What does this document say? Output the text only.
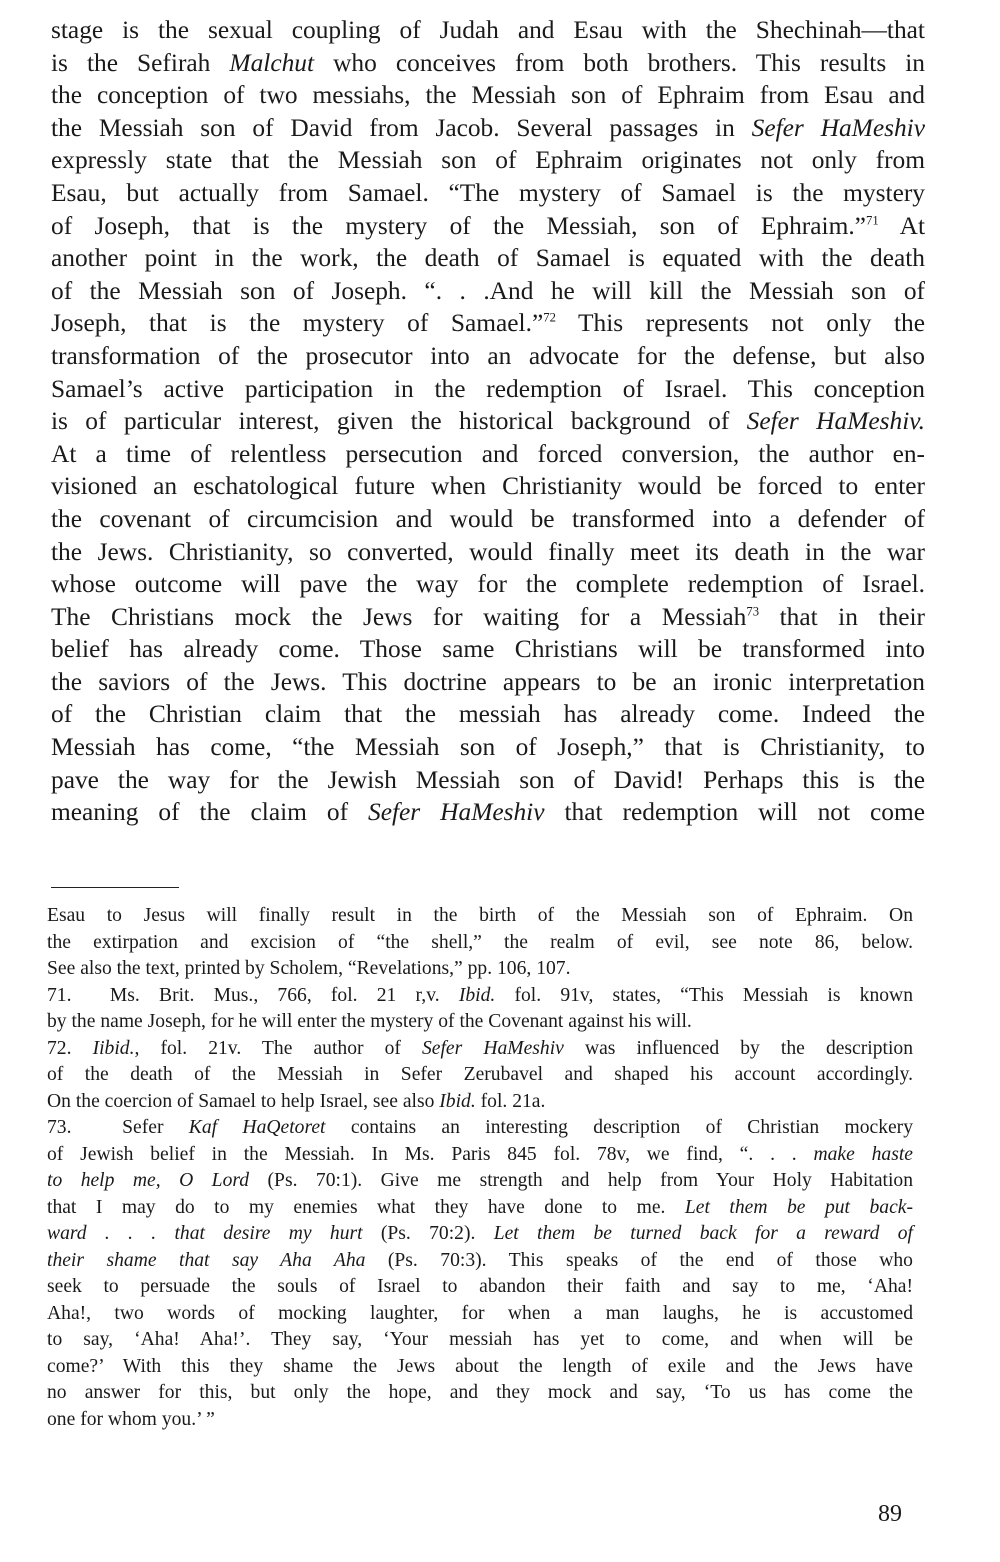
stage is the sexual coupling of Judah and Esau with the Shechinah—that
is the Sefirah Malchut who conceives from both brothers. This results in
the conception of two messiahs, the Messiah son of Ephraim from Esau and
the Messiah son of David from Jacob. Several passages in Sefer HaMeshiv
expressly state that the Messiah son of Ephraim originates not only from
Esau, but actually from Samael. “The mystery of Samael is the mystery
of Joseph, that is the mystery of the Messiah, son of Ephraim.”$^{71}$ At
another point in the work, the death of Samael is equated with the death
of the Messiah son of Joseph. “. . .And he will kill the Messiah son of
Joseph, that is the mystery of Samael.”$^{72}$ This represents not only the
transformation of the prosecutor into an advocate for the defense, but also
Samael’s active participation in the redemption of Israel. This conception
is of particular interest, given the historical background of Sefer HaMeshiv.
At a time of relentless persecution and forced conversion, the author en-
visioned an eschatological future when Christianity would be forced to enter
the covenant of circumcision and would be transformed into a defender of
the Jews. Christianity, so converted, would finally meet its death in the war
whose outcome will pave the way for the complete redemption of Israel.
The Christians mock the Jews for waiting for a Messiah$^{73}$ that in their
belief has already come. Those same Christians will be transformed into
the saviors of the Jews. This doctrine appears to be an ironic interpretation
of the Christian claim that the messiah has already come. Indeed the
Messiah has come, “the Messiah son of Joseph,” that is Christianity, to
pave the way for the Jewish Messiah son of David! Perhaps this is the
meaning of the claim of Sefer HaMeshiv that redemption will not come
Esau to Jesus will finally result in the birth of the Messiah son of Ephraim. On
the extirpation and excision of “the shell,” the realm of evil, see note 86, below.
See also the text, printed by Scholem, “Revelations,” pp. 106, 107.
71.  Ms. Brit. Mus., 766, fol. 21 r,v. Ibid. fol. 91v, states, “This Messiah is known
by the name Joseph, for he will enter the mystery of the Covenant against his will.
72. Iibid., fol. 21v. The author of Sefer HaMeshiv was influenced by the description
of the death of the Messiah in Sefer Zerubavel and shaped his account accordingly.
On the coercion of Samael to help Israel, see also Ibid. fol. 21a.
73.  Sefer Kaf HaQetoret contains an interesting description of Christian mockery
of Jewish belief in the Messiah. In Ms. Paris 845 fol. 78v, we find, “. . . make haste
to help me, O Lord (Ps. 70:1). Give me strength and help from Your Holy Habitation
that I may do to my enemies what they have done to me. Let them be put back-
ward . . . that desire my hurt (Ps. 70:2). Let them be turned back for a reward of
their shame that say Aha Aha (Ps. 70:3). This speaks of the end of those who
seek to persuade the souls of Israel to abandon their faith and say to me, ‘Aha!
Aha!, two words of mocking laughter, for when a man laughs, he is accustomed
to say, ‘Aha! Aha!’. They say, ‘Your messiah has yet to come, and when will be
come?’ With this they shame the Jews about the length of exile and the Jews have
no answer for this, but only the hope, and they mock and say, ‘To us has come the
one for whom you.’ ”
89
